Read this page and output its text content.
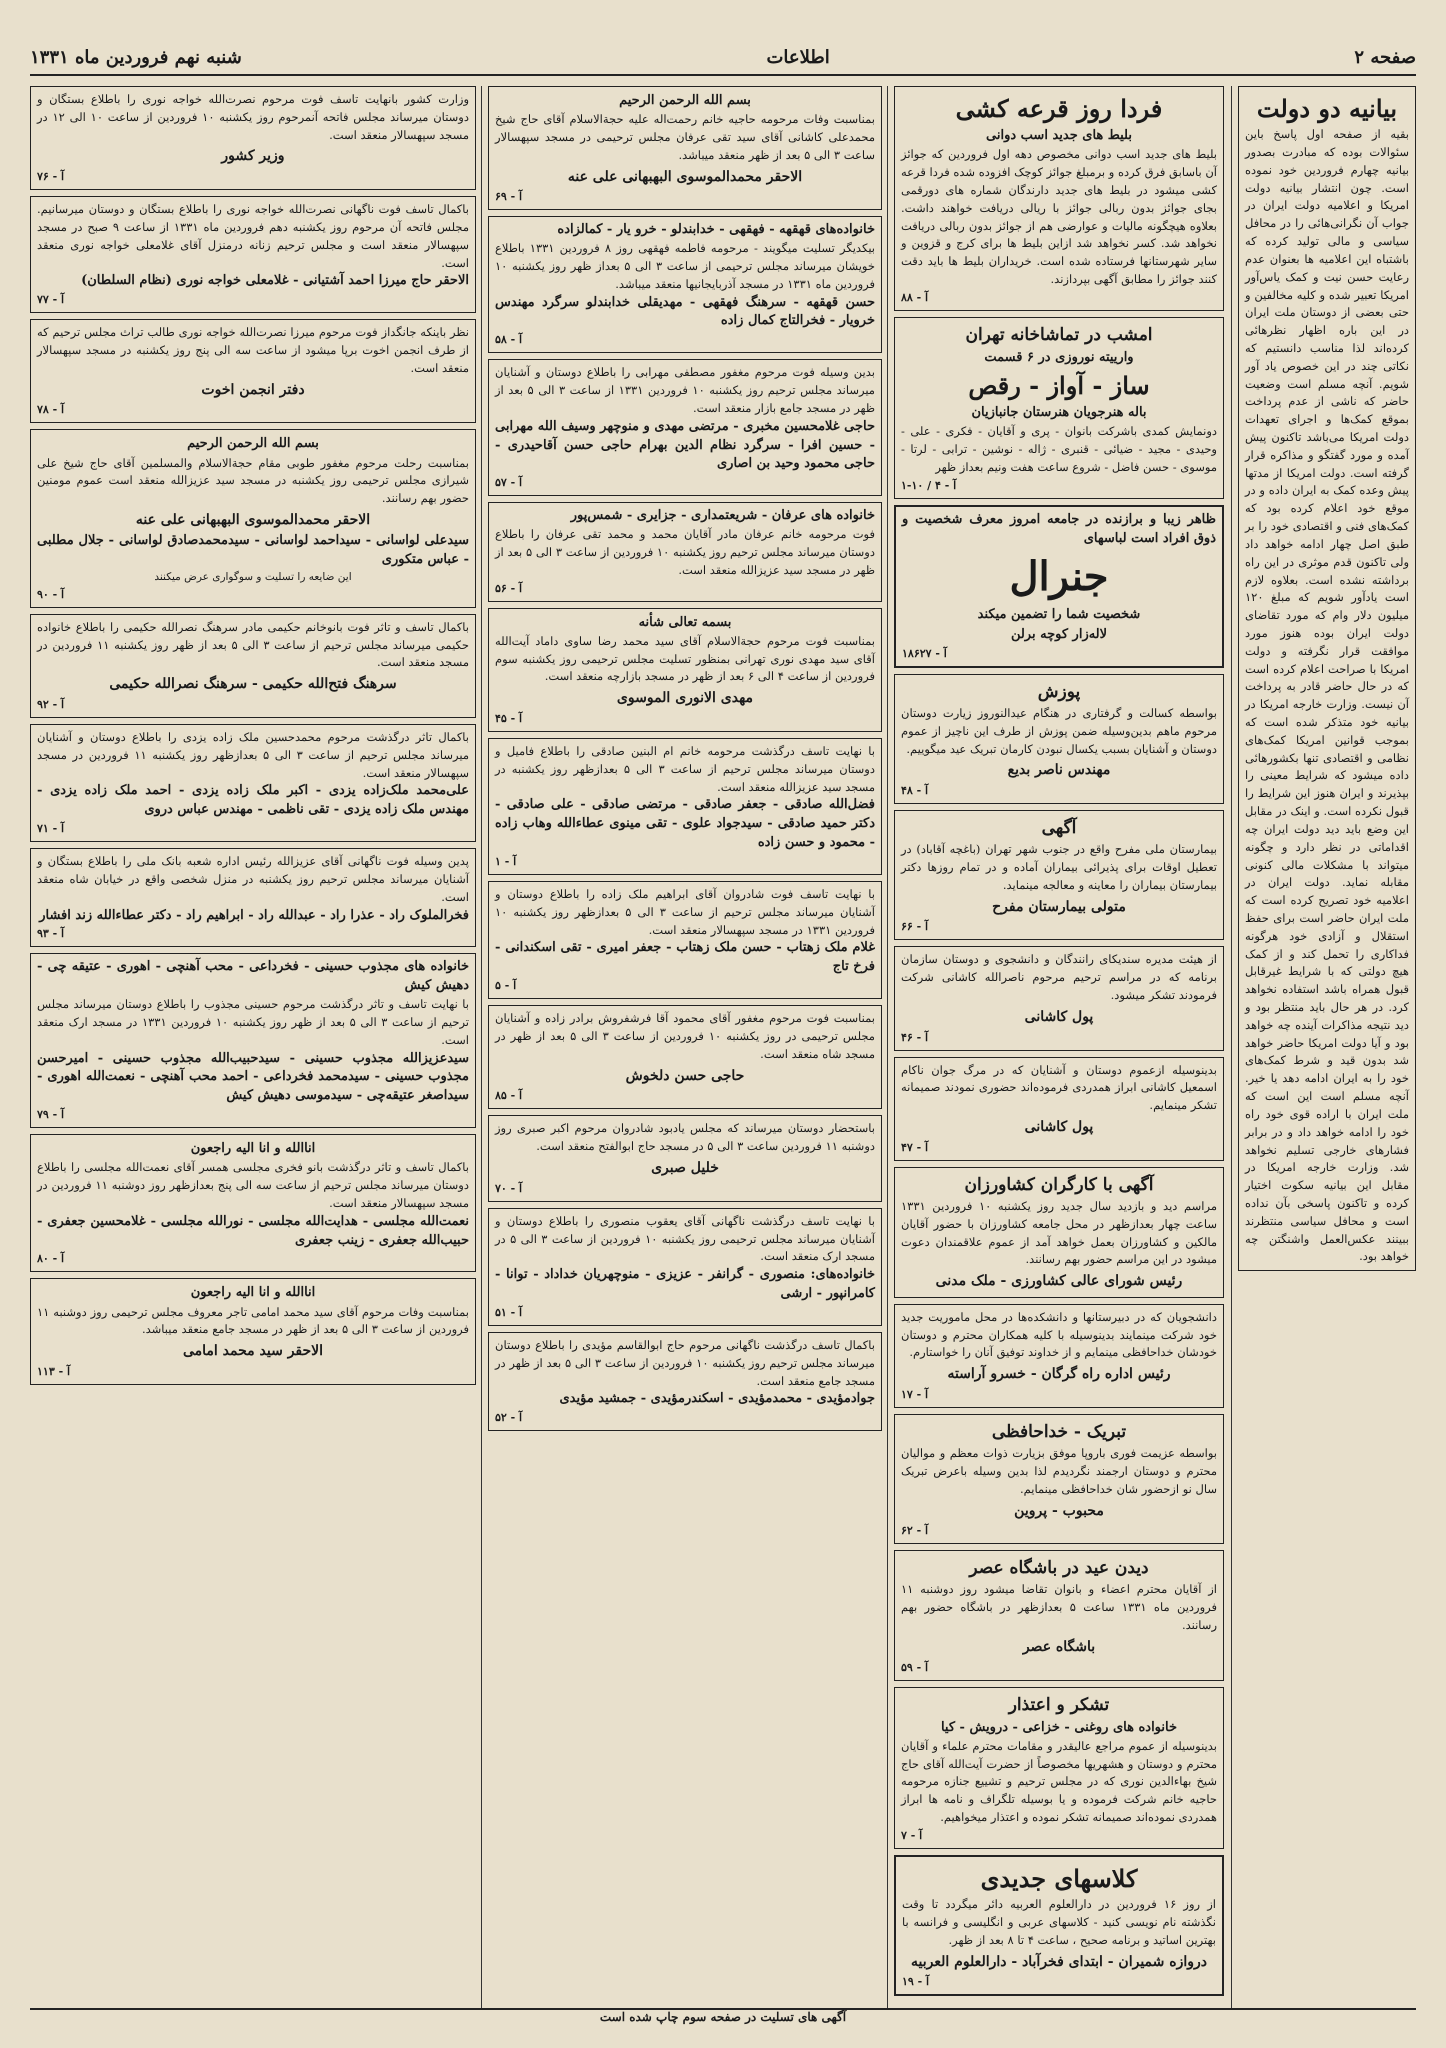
صفحه ۲
اطلاعات
شنبه نهم فروردین ماه ۱۳۳۱
بیانیه دو دولت
بقیه از صفحه اول پاسخ باین سئوالات بوده که مبادرت بصدور بیانیه چهارم فروردین خود نموده است. چون انتشار بیانیه دولت امریکا و اعلامیه دولت ایران در جواب آن نگرانی‌هائی را در محافل سیاسی و مالی تولید کرده که باشتباه این اعلامیه ها بعنوان عدم رعایت حسن نیت و کمک یاس‌آور امریکا تعبیر شده و کلیه مخالفین و حتی بعضی از دوستان ملت ایران در این باره اظهار نظرهائی کرده‌اند لذا مناسب دانستیم که نکاتی چند در این خصوص یاد آور شویم. آنچه مسلم است وضعیت حاضر که ناشی از عدم پرداخت بموقع کمک‌ها و اجرای تعهدات دولت امریکا می‌باشد تاکنون پیش آمده و مورد گفتگو و مذاکره قرار گرفته است. دولت امریکا از مدتها پیش وعده کمک به ایران داده و در موقع خود اعلام کرده بود که کمک‌های فنی و اقتصادی خود را بر طبق اصل چهار ادامه خواهد داد ولی تاکنون قدم موثری در این راه برداشته نشده است. بعلاوه لازم است یادآور شویم که مبلغ ۱۲۰ میلیون دلار وام که مورد تقاضای دولت ایران بوده هنوز مورد موافقت قرار نگرفته و دولت امریکا با صراحت اعلام کرده است که در حال حاضر قادر به پرداخت آن نیست. وزارت خارجه امریکا در بیانیه خود متذکر شده است که بموجب قوانین امریکا کمک‌های نظامی و اقتصادی تنها بکشورهائی داده میشود که شرایط معینی را بپذیرند و ایران هنوز این شرایط را قبول نکرده است. و اینک در مقابل این وضع باید دید دولت ایران چه اقداماتی در نظر دارد و چگونه میتواند با مشکلات مالی کنونی مقابله نماید. دولت ایران در اعلامیه خود تصریح کرده است که ملت ایران حاضر است برای حفظ استقلال و آزادی خود هرگونه فداکاری را تحمل کند و از کمک هیچ دولتی که با شرایط غیرقابل قبول همراه باشد استفاده نخواهد کرد. در هر حال باید منتظر بود و دید نتیجه مذاکرات آینده چه خواهد بود و آیا دولت امریکا حاضر خواهد شد بدون قید و شرط کمک‌های خود را به ایران ادامه دهد یا خیر. آنچه مسلم است این است که ملت ایران با اراده قوی خود راه خود را ادامه خواهد داد و در برابر فشارهای خارجی تسلیم نخواهد شد. وزارت خارجه امریکا در مقابل این بیانیه سکوت اختیار کرده و تاکنون پاسخی بآن نداده است و محافل سیاسی منتظرند ببینند عکس‌العمل واشنگتن چه خواهد بود.
فردا روز قرعه کشی
بلیط های جدید اسب دوانی
بلیط های جدید اسب دوانی مخصوص دهه اول فروردین که جوائز آن باسابق فرق کرده و برمبلغ جوائز کوچک افزوده شده فردا قرعه کشی میشود در بلیط های جدید دارندگان شماره های دورقمی بجای جوائز بدون ربالی جوائز با ریالی دریافت خواهند داشت. بعلاوه هیچگونه مالیات و عوارضی هم از جوائز بدون ربالی دریافت نخواهد شد. کسر نخواهد شد ازاین بلیط ها برای کرج و قزوین و سایر شهرستانها فرستاده شده است. خریداران بلیط ها باید دقت کنند جوائز را مطابق آگهی بپردازند.
آ - ۸۸
امشب در تماشاخانه تهران
وارییته نوروزی در ۶ قسمت
ساز - آواز - رقص
باله هنرجویان هنرستان جانبازیان
دونمایش کمدی باشرکت بانوان - پری و آقایان - فکری - علی - وحیدی - مجید - ضیائی - قنبری - ژاله - نوشین - ترابی - لرتا - موسوی - حسن فاضل - شروع ساعت هفت ونیم بعداز ظهر
آ - ۴ / ۱۰-۱
ظاهر زیبا و برازنده در جامعه امروز معرف شخصیت و ذوق افراد است لباسهای
جنرال
شخصیت شما را تضمین میکند
لاله‌زار کوچه برلن
آ - ۱۸۶۲۷
پوزش
بواسطه کسالت و گرفتاری در هنگام عیدالنوروز زیارت دوستان مرحوم ماهم بدین‌وسیله ضمن پوزش از طرف این ناچیز از عموم دوستان و آشنایان بسبب یکسال نبودن کارمان تبریک عید میگوییم.
مهندس ناصر بدیع
آ - ۴۸
آگهی
بیمارستان ملی مفرح واقع در جنوب شهر تهران (باغچه آقاباد) در تعطیل اوقات برای پذیرائی بیماران آماده و در تمام روزها دکتر بیمارستان بیماران را معاینه و معالجه مینماید.
متولی بیمارستان مفرح
آ - ۶۶
از هیئت مدیره سندیکای رانندگان و دانشجوی و دوستان سازمان برنامه که در مراسم ترحیم مرحوم ناصرالله کاشانی شرکت فرمودند تشکر میشود.
پول کاشانی
آ - ۴۶
بدینوسیله ازعموم دوستان و آشنایان که در مرگ جوان ناکام اسمعیل کاشانی ابراز همدردی فرموده‌اند حضوری نمودند صمیمانه تشکر مینمایم.
پول کاشانی
آ - ۴۷
آگهی با کارگران کشاورزان
مراسم دید و بازدید سال جدید روز یکشنبه ۱۰ فروردین ۱۳۳۱ ساعت چهار بعدازظهر در محل جامعه کشاورزان با حضور آقایان مالکین و کشاورزان بعمل خواهد آمد از عموم علاقمندان دعوت میشود در این مراسم حضور بهم رسانند.
رئیس شورای عالی کشاورزی - ملک مدنی
دانشجویان که در دبیرستانها و دانشکده‌ها در محل ماموریت جدید خود شرکت مینمایند بدینوسیله با کلیه همکاران محترم و دوستان خودشان خداحافظی مینمایم و از خداوند توفیق آنان را خواستارم.
رئیس اداره راه گرگان - خسرو آراسته
آ - ۱۷
تبریک - خداحافظی
بواسطه عزیمت فوری باروپا موفق بزیارت ذوات معظم و موالیان محترم و دوستان ارجمند نگردیدم لذا بدین وسیله باعرض تبریک سال نو ازحضور شان خداحافظی مینمایم.
محبوب - پروین
آ - ۶۲
دیدن عید در باشگاه عصر
از آقایان محترم اعضاء و بانوان تقاضا میشود روز دوشنبه ۱۱ فروردین ماه ۱۳۳۱ ساعت ۵ بعدازظهر در باشگاه حضور بهم رسانند.
باشگاه عصر
آ - ۵۹
تشکر و اعتذار
خانواده های روغنی - خزاعی - درویش - کیا
بدینوسیله از عموم مراجع عالیقدر و مقامات محترم علماء و آقایان محترم و دوستان و هشهریها مخصوصاً از حضرت آیت‌الله آقای حاج شیخ بهاءالدین نوری که در مجلس ترحیم و تشییع جنازه مرحومه حاجیه خانم شرکت فرموده و یا بوسیله تلگراف و نامه ها ابراز همدردی نموده‌اند صمیمانه تشکر نموده و اعتذار میخواهیم.
آ - ۷
کلاسهای جدیدی
از روز ۱۶ فروردین در دارالعلوم العربیه دائر میگردد تا وقت نگذشته نام نویسی کنید - کلاسهای عربی و انگلیسی و فرانسه با بهترین اساتید و برنامه صحیح ، ساعت ۴ تا ۸ بعد از ظهر.
دروازه شمیران - ابتدای فخرآباد - دارالعلوم العربیه
آ - ۱۹
بسم الله الرحمن الرحیم
بمناسبت وفات مرحومه حاجیه خانم رحمت‌اله علیه حجةالاسلام آقای حاج شیخ محمدعلی کاشانی آقای سید تقی عرفان مجلس ترحیمی در مسجد سپهسالار ساعت ۳ الی ۵ بعد از ظهر منعقد میباشد.
الاحقر محمدالموسوی البهبهانی علی عنه
آ - ۶۹
خانواده‌های قهقهه - فهقهی - خدابندلو - خرو یار - کمالزاده
بیکدیگر تسلیت میگویند - مرحومه فاطمه فهقهی روز ۸ فروردین ۱۳۳۱ باطلاع خویشان میرساند مجلس ترحیمی از ساعت ۳ الی ۵ بعداز ظهر روز یکشنبه ۱۰ فروردین ماه ۱۳۳۱ در مسجد آذربایجانیها منعقد میباشد.
حسن قهقهه - سرهنگ فهقهی - مهدیقلی خدابندلو سرگرد مهندس خرویار - فخرالتاج کمال زاده
آ - ۵۸
بدین وسیله فوت مرحوم مغفور مصطفی مهرابی را باطلاع دوستان و آشنایان میرساند مجلس ترحیم روز یکشنبه ۱۰ فروردین ۱۳۳۱ از ساعت ۳ الی ۵ بعد از ظهر در مسجد جامع بازار منعقد است.
حاجی غلامحسین مخبری - مرتضی مهدی و منوچهر وسیف الله مهرابی - حسین افرا - سرگرد نظام الدین بهرام حاجی حسن آقاحیدری - حاجی محمود وحید بن اصاری
آ - ۵۷
خانواده های عرفان - شریعتمداری - جزایری - شمس‌پور
فوت مرحومه خانم عرفان مادر آقایان محمد و محمد تقی عرفان را باطلاع دوستان میرساند مجلس ترحیم روز یکشنبه ۱۰ فروردین از ساعت ۳ الی ۵ بعد از ظهر در مسجد سید عزیزالله منعقد است.
آ - ۵۶
بسمه تعالی شأنه
بمناسبت فوت مرحوم حجةالاسلام آقای سید محمد رضا ساوی داماد آیت‌الله آقای سید مهدی نوری تهرانی بمنظور تسلیت مجلس ترحیمی روز یکشنبه سوم فروردین از ساعت ۴ الی ۶ بعد از ظهر در مسجد بازارچه منعقد است.
مهدی الانوری الموسوی
آ - ۴۵
با نهایت تاسف درگذشت مرحومه خانم ام البنین صادقی را باطلاع فامیل و دوستان میرساند مجلس ترحیم از ساعت ۳ الی ۵ بعدازظهر روز یکشنبه در مسجد سید عزیزالله منعقد است.
فضل‌الله صادقی - جعفر صادقی - مرتضی صادقی - علی صادقی - دکتر حمید صادقی - سیدجواد علوی - تقی مینوی عطاءالله وهاب زاده - محمود و حسن زاده
آ - ۱
با نهایت تاسف فوت شادروان آقای ابراهیم ملک زاده را باطلاع دوستان و آشنایان میرساند مجلس ترحیم از ساعت ۳ الی ۵ بعدازظهر روز یکشنبه ۱۰ فروردین ۱۳۳۱ در مسجد سپهسالار منعقد است.
غلام ملک زهتاب - حسن ملک زهتاب - جعفر امیری - تقی اسکندانی - فرخ تاج
آ - ۵
بمناسبت فوت مرحوم مغفور آقای محمود آقا فرشفروش برادر زاده و آشنایان مجلس ترحیمی در روز یکشنبه ۱۰ فروردین از ساعت ۳ الی ۵ بعد از ظهر در مسجد شاه منعقد است.
حاجی حسن دلخوش
آ - ۸۵
باستحضار دوستان میرساند که مجلس یادبود شادروان مرحوم اکبر صبری روز دوشنبه ۱۱ فروردین ساعت ۳ الی ۵ در مسجد حاج ابوالفتح منعقد است.
خلیل صبری
آ - ۷۰
با نهایت تاسف درگذشت ناگهانی آقای یعقوب منصوری را باطلاع دوستان و آشنایان میرساند مجلس ترحیمی روز یکشنبه ۱۰ فروردین از ساعت ۳ الی ۵ در مسجد ارک منعقد است.
خانواده‌های: منصوری - گرانفر - عزیزی - منوچهریان خداداد - توانا - کامرانپور - ارشی
آ - ۵۱
باکمال تاسف درگذشت ناگهانی مرحوم حاج ابوالقاسم مؤیدی را باطلاع دوستان میرساند مجلس ترحیم روز یکشنبه ۱۰ فروردین از ساعت ۳ الی ۵ بعد از ظهر در مسجد جامع منعقد است.
جوادمؤیدی - محمدمؤیدی - اسکندرمؤیدی - جمشید مؤیدی
آ - ۵۲
وزارت کشور بانهایت تاسف فوت مرحوم نصرت‌الله خواجه نوری را باطلاع بستگان و دوستان میرساند مجلس فاتحه آنمرحوم روز یکشنبه ۱۰ فروردین از ساعت ۱۰ الی ۱۲ در مسجد سپهسالار منعقد است.
وزیر کشور
آ - ۷۶
باکمال تاسف فوت ناگهانی نصرت‌الله خواجه نوری را باطلاع بستگان و دوستان میرسانیم. مجلس فاتحه آن مرحوم روز یکشنبه دهم فروردین ماه ۱۳۳۱ از ساعت ۹ صبح در مسجد سپهسالار منعقد است و مجلس ترحیم زنانه درمنزل آقای غلامعلی خواجه نوری منعقد است.
الاحقر حاج میرزا احمد آشتیانی - غلامعلی خواجه نوری (نظام السلطان)
آ - ۷۷
نظر باینکه جانگداز فوت مرحوم میرزا نصرت‌الله خواجه نوری طالب تراث مجلس ترحیم که از طرف انجمن اخوت برپا میشود از ساعت سه الی پنج روز یکشنبه در مسجد سپهسالار منعقد است.
دفتر انجمن اخوت
آ - ۷۸
بسم الله الرحمن الرحیم
بمناسبت رحلت مرحوم مغفور طوبی مقام حجةالاسلام والمسلمین آقای حاج شیخ علی شیرازی مجلس ترحیمی روز یکشنبه در مسجد سید عزیزالله منعقد است عموم مومنین حضور بهم رسانند.
الاحقر محمدالموسوی البهبهانی علی عنه
سیدعلی لواسانی - سیداحمد لواسانی - سیدمحمدصادق لواسانی - جلال مطلبی - عباس متکوری
این ضایعه را تسلیت و سوگواری عرض میکنند
آ - ۹۰
باکمال تاسف و تاثر فوت بانوخانم حکیمی مادر سرهنگ نصرالله حکیمی را باطلاع خانواده حکیمی میرساند مجلس ترحیم از ساعت ۳ الی ۵ بعد از ظهر روز یکشنبه ۱۱ فروردین در مسجد منعقد است.
سرهنگ فتح‌الله حکیمی - سرهنگ نصرالله حکیمی
آ - ۹۲
باکمال تاثر درگذشت مرحوم محمدحسین ملک زاده یزدی را باطلاع دوستان و آشنایان میرساند مجلس ترحیم از ساعت ۳ الی ۵ بعدازظهر روز یکشنبه ۱۱ فروردین در مسجد سپهسالار منعقد است.
علی‌محمد ملک‌زاده یزدی - اکبر ملک زاده یزدی - احمد ملک زاده یزدی - مهندس ملک زاده یزدی - تقی ناظمی - مهندس عباس دروی
آ - ۷۱
پدین وسیله فوت ناگهانی آقای عزیزالله رئیس اداره شعبه بانک ملی را باطلاع بستگان و آشنایان میرساند مجلس ترحیم روز یکشنبه در منزل شخصی واقع در خیابان شاه منعقد است.
فخرالملوک راد - عذرا راد - عبدالله راد - ابراهیم راد - دکتر عطاءالله زند افشار
آ - ۹۳
خانواده های مجذوب حسینی - فخرداعی - محب آهنچی - اهوری - عتیقه چی - دهیش کیش
با نهایت تاسف و تاثر درگذشت مرحوم حسینی مجذوب را باطلاع دوستان میرساند مجلس ترحیم از ساعت ۳ الی ۵ بعد از ظهر روز یکشنبه ۱۰ فروردین ۱۳۳۱ در مسجد ارک منعقد است.
سیدعزیزالله مجذوب حسینی - سیدحبیب‌الله مجذوب حسینی - امیرحسن مجذوب حسینی - سیدمحمد فخرداعی - احمد محب آهنچی - نعمت‌الله اهوری - سیداصغر عتیقه‌چی - سیدموسی دهیش کیش
آ - ۷۹
اناالله و انا الیه راجعون
باکمال تاسف و تاثر درگذشت بانو فخری مجلسی همسر آقای نعمت‌الله مجلسی را باطلاع دوستان میرساند مجلس ترحیم از ساعت سه الی پنج بعدازظهر روز دوشنبه ۱۱ فروردین در مسجد سپهسالار منعقد است.
نعمت‌الله مجلسی - هدایت‌الله مجلسی - نورالله مجلسی - غلامحسین جعفری - حبیب‌الله جعفری - زینب جعفری
آ - ۸۰
اناالله و انا الیه راجعون
بمناسبت وفات مرحوم آقای سید محمد امامی تاجر معروف مجلس ترحیمی روز دوشنبه ۱۱ فروردین از ساعت ۳ الی ۵ بعد از ظهر در مسجد جامع منعقد میباشد.
الاحقر سید محمد امامی
آ - ۱۱۳
آگهی های تسلیت در صفحه سوم چاپ شده است
